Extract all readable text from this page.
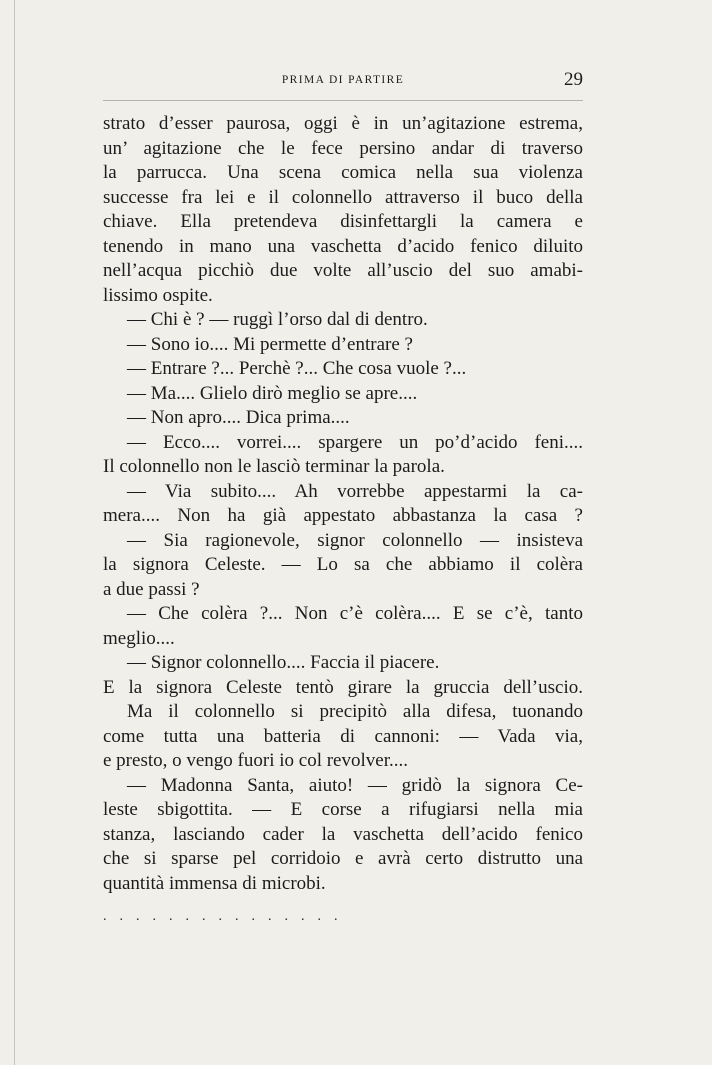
PRIMA DI PARTIRE	29
strato d’esser paurosa, oggi è in un’agitazione estrema,
un’ agitazione che le fece persino andar di traverso
la parrucca. Una scena comica nella sua violenza
successe fra lei e il colonnello attraverso il buco della
chiave. Ella pretendeva disinfettargli la camera e
tenendo in mano una vaschetta d’acido fenico diluito
nell’acqua picchiò due volte all’uscio del suo amabi-
lissimo ospite.
— Chi è ? — ruggì l’orso dal di dentro.
— Sono io.... Mi permette d’entrare ?
— Entrare ?... Perchè ?... Che cosa vuole ?...
— Ma.... Glielo dirò meglio se apre....
— Non apro.... Dica prima....
— Ecco.... vorrei.... spargere un po’d’acido feni....
Il colonnello non le lasciò terminar la parola.
— Via subito.... Ah vorrebbe appestarmi la ca-
mera.... Non ha già appestato abbastanza la casa ?
— Sia ragionevole, signor colonnello — insisteva
la signora Celeste. — Lo sa che abbiamo il colèra
a due passi ?
— Che colèra ?... Non c’è colèra.... E se c’è, tanto
meglio....
— Signor colonnello.... Faccia il piacere.
E la signora Celeste tentò girare la gruccia dell’uscio.
Ma il colonnello si precipitò alla difesa, tuonando
come tutta una batteria di cannoni: — Vada via,
e presto, o vengo fuori io col revolver....
— Madonna Santa, aiuto! — gridò la signora Ce-
leste sbigottita. — E corse a rifugiarsi nella mia
stanza, lasciando cader la vaschetta dell’acido fenico
che si sparse pel corridoio e avrà certo distrutto una
quantità immensa di microbi.
...............
